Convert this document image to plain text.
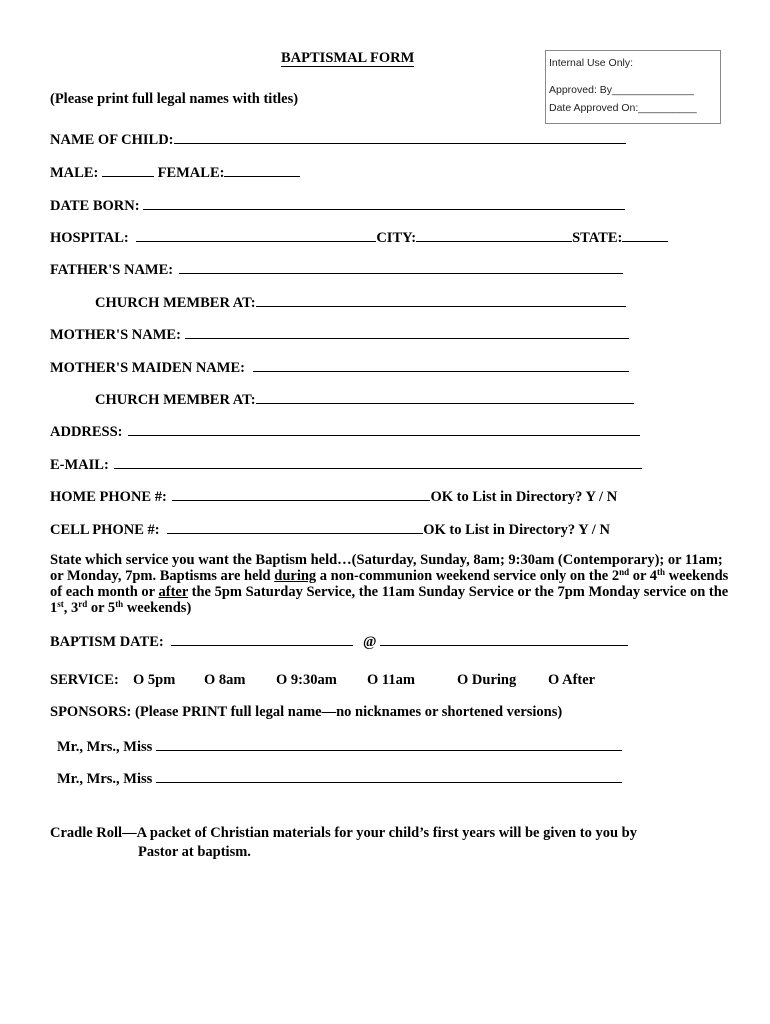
BAPTISMAL FORM	Internal Use Only:
Approved: By______________
Date Approved On:__________
(Please print full legal names with titles)
NAME OF CHILD:
MALE:	FEMALE:
DATE BORN:
HOSPITAL:	CITY:	STATE:
FATHER'S NAME:
CHURCH MEMBER AT:
MOTHER'S NAME:
MOTHER'S MAIDEN NAME:
CHURCH MEMBER AT:
ADDRESS:
E-MAIL:
HOME PHONE #:	OK to List in Directory? Y / N
CELL PHONE #:	OK to List in Directory? Y / N
State which service you want the Baptism held…(Saturday, Sunday, 8am; 9:30am (Contemporary); or 11am; or Monday, 7pm. Baptisms are held during a non-communion weekend service only on the 2nd or 4th weekends of each month or after the 5pm Saturday Service, the 11am Sunday Service or the 7pm Monday service on the 1st, 3rd or 5th weekends)
BAPTISM DATE:	@
SERVICE: O 5pm O 8am O 9:30am O 11am	O During O After
SPONSORS: (Please PRINT full legal name—no nicknames or shortened versions)
Mr., Mrs., Miss
Mr., Mrs., Miss
Cradle Roll—A packet of Christian materials for your child’s first years will be given to you by
Pastor at baptism.
